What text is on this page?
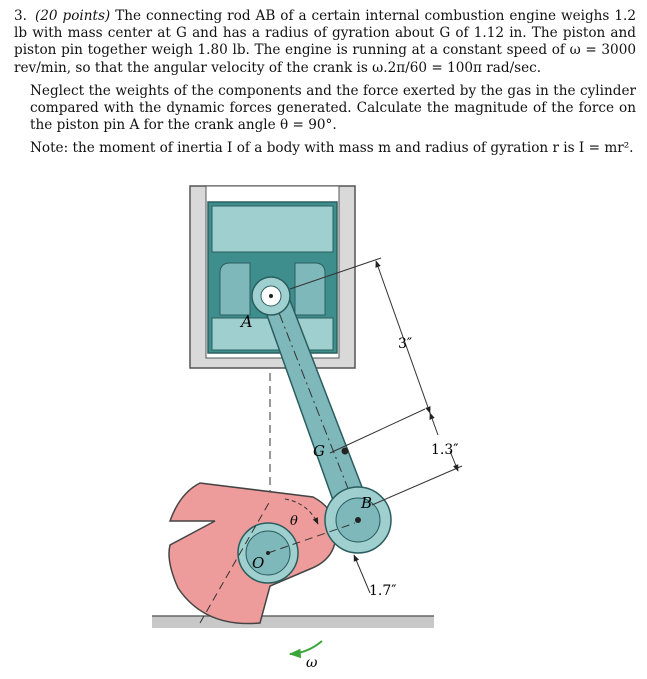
3. (20 points) The connecting rod AB of a certain internal combustion engine weighs 1.2 lb with mass center at G and has a radius of gyration about G of 1.12 in. The piston and piston pin together weigh 1.80 lb. The engine is running at a constant speed of ω = 3000 rev/min, so that the angular velocity of the crank is ω.2π/60 = 100π rad/sec.

Neglect the weights of the components and the force exerted by the gas in the cylinder compared with the dynamic forces generated. Calculate the magnitude of the force on the piston pin A for the crank angle θ = 90°.

Note: the moment of inertia I of a body with mass m and radius of gyration r is I = mr².

A
G
B
O
θ
ω
3″
1.3″
1.7″
